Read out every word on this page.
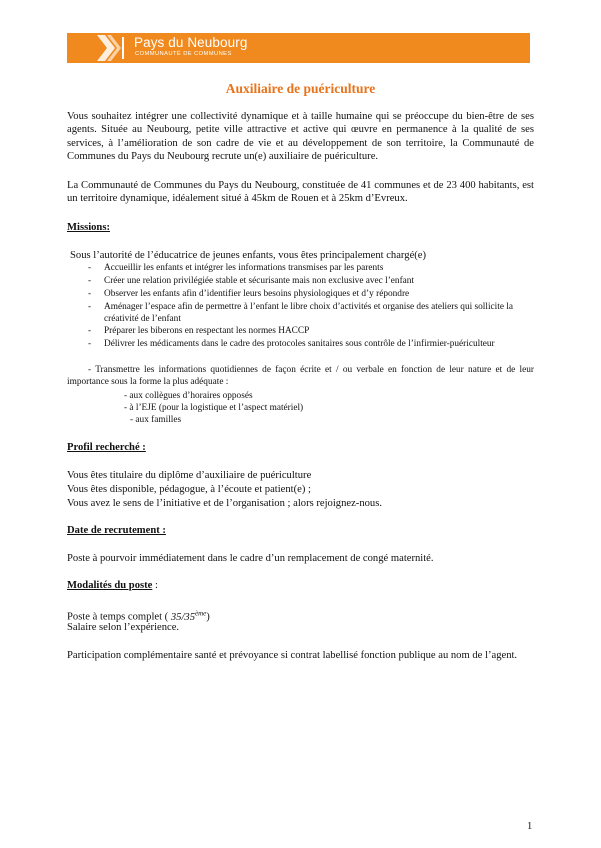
Pays du Neubourg
COMMUNAUTÉ DE COMMUNES
Auxiliaire de puériculture

Vous souhaitez intégrer une collectivité dynamique et à taille humaine qui se préoccupe du bien-être de ses agents. Située au Neubourg, petite ville attractive et active qui œuvre en permanence à la qualité de ses services, à l’amélioration de son cadre de vie et au développement de son territoire, la Communauté de Communes du Pays du Neubourg recrute un(e) auxiliaire de puériculture.

La Communauté de Communes du Pays du Neubourg, constituée de 41 communes et de 23 400 habitants, est un territoire dynamique, idéalement situé à 45km de Rouen et à 25km d’Evreux.

Missions:

Sous l’autorité de l’éducatrice de jeunes enfants, vous êtes principalement chargé(e)

- Accueillir les enfants et intégrer les informations transmises par les parents
- Créer une relation privilégiée stable et sécurisante mais non exclusive avec l’enfant
- Observer les enfants afin d’identifier leurs besoins physiologiques et d’y répondre
- Aménager l’espace afin de permettre à l’enfant le libre choix d’activités et organise des ateliers qui sollicite la créativité de l’enfant
- Préparer les biberons en respectant les normes HACCP
- Délivrer les médicaments dans le cadre des protocoles sanitaires sous contrôle de l’infirmier-puériculteur

- Transmettre les informations quotidiennes de façon écrite et / ou verbale en fonction de leur nature et de leur importance sous la forme la plus adéquate :

- aux collègues d’horaires opposés
- à l’EJE (pour la logistique et l’aspect matériel)
- aux familles

Profil recherché :

Vous êtes titulaire du diplôme d’auxiliaire de puériculture

Vous êtes disponible, pédagogue, à l’écoute et patient(e) ;

Vous avez le sens de l’initiative et de l’organisation ; alors rejoignez-nous.

Date de recrutement :

Poste à pourvoir immédiatement dans le cadre d’un remplacement de congé maternité.

Modalités du poste :

Poste à temps complet ( 35/35ème)

Salaire selon l’expérience.

Participation complémentaire santé et prévoyance si contrat labellisé fonction publique au nom de l’agent.

1
